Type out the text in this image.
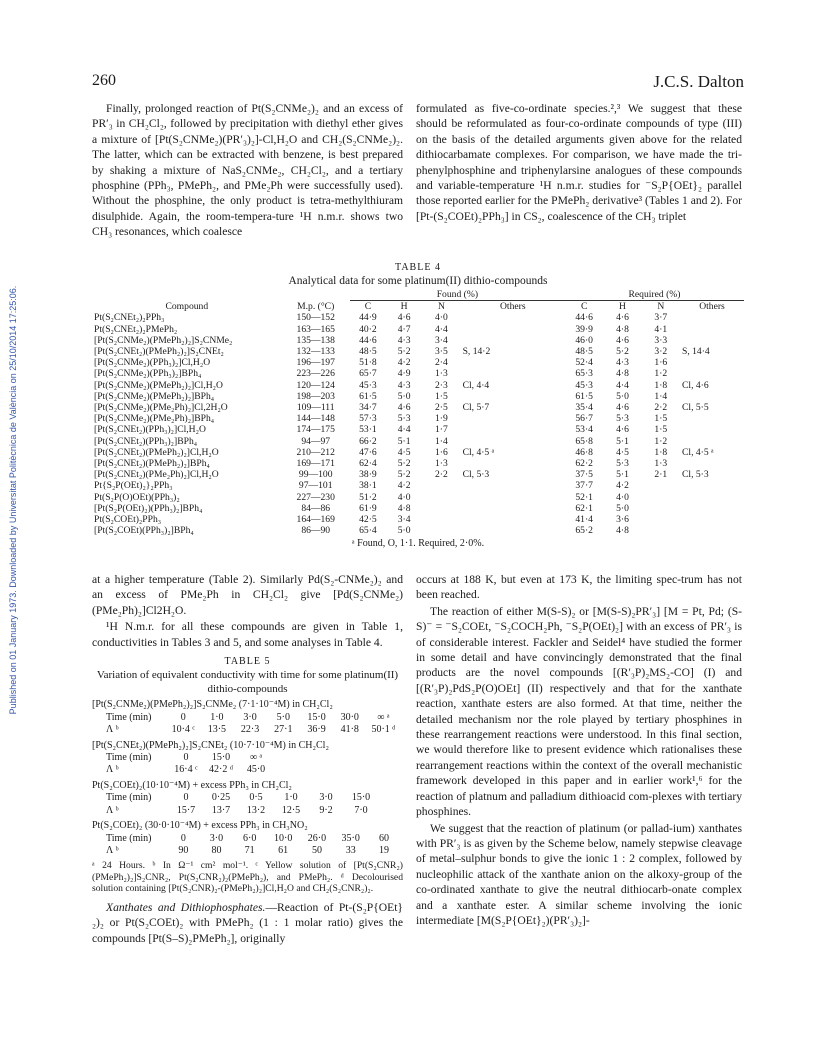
Published on 01 January 1973. Downloaded by Universitat Politècnica de València on 25/10/2014 17:25:06.
260	J.C.S. Dalton

Finally, prolonged reaction of Pt(S₂CNMe₂)₂ and an excess of PR′₃ in CH₂Cl₂, followed by precipitation with diethyl ether gives a mixture of [Pt(S₂CNMe₂)(PR′₃)₂]-Cl,H₂O and CH₂(S₂CNMe₂)₂. The latter, which can be extracted with benzene, is best prepared by shaking a mixture of NaS₂CNMe₂, CH₂Cl₂, and a tertiary phosphine (PPh₃, PMePh₂, and PMe₂Ph were successfully used). Without the phosphine, the only product is tetra-methylthiuram disulphide. Again, the room-tempera-ture ¹H n.m.r. shows two CH₃ resonances, which coalesce

formulated as five-co-ordinate species.²,³ We suggest that these should be reformulated as four-co-ordinate compounds of type (III) on the basis of the detailed arguments given above for the related dithiocarbamate complexes. For comparison, we have made the tri-phenylphosphine and triphenylarsine analogues of these compounds and variable-temperature ¹H n.m.r. studies for ⁻S₂P{OEt}₂ parallel those reported earlier for the PMePh₂ derivative³ (Tables 1 and 2). For [Pt-(S₂COEt)₂PPh₃] in CS₂, coalescence of the CH₃ triplet

TABLE 4
Analytical data for some platinum(II) dithio-compounds
		Found (%)				Required (%)			
Compound	M.p. (°C)	C	H	N	Others	C	H	N	Others
Pt(S₂CNEt₂)₂PPh₃	150—152	44·9	4·6	4·0		44·6	4·6	3·7	
Pt(S₂CNEt₂)₂PMePh₂	163—165	40·2	4·7	4·4		39·9	4·8	4·1	
[Pt(S₂CNMe₂)(PMePh₂)₂]S₂CNMe₂	135—138	44·6	4·3	3·4		46·0	4·6	3·3	
[Pt(S₂CNEt₂)(PMePh₂)₂]S₂CNEt₂	132—133	48·5	5·2	3·5	S, 14·2	48·5	5·2	3·2	S, 14·4
[Pt(S₂CNMe₂)(PPh₃)₂]Cl,H₂O	196—197	51·8	4·2	2·4		52·4	4·3	1·6	
[Pt(S₂CNMe₂)(PPh₃)₂]BPh₄	223—226	65·7	4·9	1·3		65·3	4·8	1·2	
[Pt(S₂CNMe₂)(PMePh₂)₂]Cl,H₂O	120—124	45·3	4·3	2·3	Cl, 4·4	45·3	4·4	1·8	Cl, 4·6
[Pt(S₂CNMe₂)(PMePh₂)₂]BPh₄	198—203	61·5	5·0	1·5		61·5	5·0	1·4	
[Pt(S₂CNMe₂)(PMe₂Ph)₂]Cl,2H₂O	109—111	34·7	4·6	2·5	Cl, 5·7	35·4	4·6	2·2	Cl, 5·5
[Pt(S₂CNMe₂)(PMe₂Ph)₂]BPh₄	144—148	57·3	5·3	1·9		56·7	5·3	1·5	
[Pt(S₂CNEt₂)(PPh₃)₂]Cl,H₂O	174—175	53·1	4·4	1·7		53·4	4·6	1·5	
[Pt(S₂CNEt₂)(PPh₃)₂]BPh₄	94—97	66·2	5·1	1·4		65·8	5·1	1·2	
[Pt(S₂CNEt₂)(PMePh₂)₂]Cl,H₂O	210—212	47·6	4·5	1·6	Cl, 4·5 ᵃ	46·8	4·5	1·8	Cl, 4·5 ᵃ
[Pt(S₂CNEt₂)(PMePh₂)₂]BPh₄	169—171	62·4	5·2	1·3		62·2	5·3	1·3	
[Pt(S₂CNEt₂)(PMe₂Ph)₂]Cl,H₂O	99—100	38·9	5·2	2·2	Cl, 5·3	37·5	5·1	2·1	Cl, 5·3
Pt{S₂P(OEt)₂}₂PPh₃	97—101	38·1	4·2			37·7	4·2		
Pt(S₂P(O)OEt)(PPh₃)₂	227—230	51·2	4·0			52·1	4·0		
[Pt(S₂P(OEt)₂)(PPh₃)₂]BPh₄	84—86	61·9	4·8			62·1	5·0		
Pt(S₂COEt)₂PPh₃	164—169	42·5	3·4			41·4	3·6		
[Pt(S₂COEt)(PPh₃)₂]BPh₄	86—90	65·4	5·0			65·2	4·8		
ᵃ Found, O, 1·1. Required, 2·0%.

at a higher temperature (Table 2). Similarly Pd(S₂-CNMe₂)₂ and an excess of PMe₂Ph in CH₂Cl₂ give [Pd(S₂CNMe₂)(PMe₂Ph)₂]Cl2H₂O.

¹H N.m.r. for all these compounds are given in Table 1, conductivities in Tables 3 and 5, and some analyses in Table 4.

TABLE 5
Variation of equivalent conductivity with time for some platinum(II) dithio-compounds
[Pt(S₂CNMe₂)(PMePh₂)₂]S₂CNMe₂ (7·1·10⁻⁴M) in CH₂Cl₂
Time (min)	0	1·0	3·0	5·0	15·0	30·0	∞ ᵃ
Λ ᵇ	10·4 ᶜ	13·5	22·3	27·1	36·9	41·8	50·1 ᵈ
[Pt(S₂CNEt₂)(PMePh₂)₂]S₂CNEt₂ (10·7·10⁻⁴M) in CH₂Cl₂
Time (min)	0	15·0	∞ ᵃ
Λ ᵇ	16·4 ᶜ	42·2 ᵈ	45·0
Pt(S₂COEt)₂(10·10⁻⁴M) + excess PPh₃ in CH₂Cl₂
Time (min)	0	0·25	0·5	1·0	3·0	15·0
Λ ᵇ	15·7	13·7	13·2	12·5	9·2	7·0
Pt(S₂COEt)₂ (30·0·10⁻⁴M) + excess PPh₃ in CH₃NO₂
Time (min)	0	3·0	6·0	10·0	26·0	35·0	60
Λ ᵇ	90	80	71	61	50	33	19
ᵃ 24 Hours. ᵇ In Ω⁻¹ cm² mol⁻¹. ᶜ Yellow solution of [Pt(S₂CNR₂)(PMePh₂)₂]S₂CNR₂, Pt(S₂CNR₂)₂(PMePh₂), and PMePh₂. ᵈ Decolourised solution containing [Pt(S₂CNR)₂-(PMePh₂)₂]Cl,H₂O and CH₂(S₂CNR₂)₂.

Xanthates and Dithiophosphates.—Reaction of Pt-(S₂P{OEt}₂)₂ or Pt(S₂COEt)₂ with PMePh₂ (1 : 1 molar ratio) gives the compounds [Pt(S–S)₂PMePh₂], originally

occurs at 188 K, but even at 173 K, the limiting spec-trum has not been reached.

The reaction of either M(S-S)₂ or [M(S-S)₂PR′₃] [M = Pt, Pd; (S-S)⁻ = ⁻S₂COEt, ⁻S₂COCH₂Ph, ⁻S₂P(OEt)₂] with an excess of PR′₃ is of considerable interest. Fackler and Seidel⁴ have studied the former in some detail and have convincingly demonstrated that the final products are the novel compounds [(R′₃P)₂MS₂-CO] (I) and [(R′₃P)₂PdS₂P(O)OEt] (II) respectively and that for the xanthate reaction, xanthate esters are also formed. At that time, neither the detailed mechanism nor the role played by tertiary phosphines in these rearrangement reactions were understood. In this final section, we would therefore like to present evidence which rationalises these rearrangement reactions within the context of the overall mechanistic framework developed in this paper and in earlier work¹,⁶ for the reaction of platnum and palladium dithioacid com-plexes with tertiary phosphines.

We suggest that the reaction of platinum (or pallad-ium) xanthates with PR′₃ is as given by the Scheme below, namely stepwise cleavage of metal–sulphur bonds to give the ionic 1 : 2 complex, followed by nucleophilic attack of the xanthate anion on the alkoxy-group of the co-ordinated xanthate to give the neutral dithiocarb-onate complex and a xanthate ester. A similar scheme involving the ionic intermediate [M(S₂P{OEt}₂)(PR′₃)₂]-
